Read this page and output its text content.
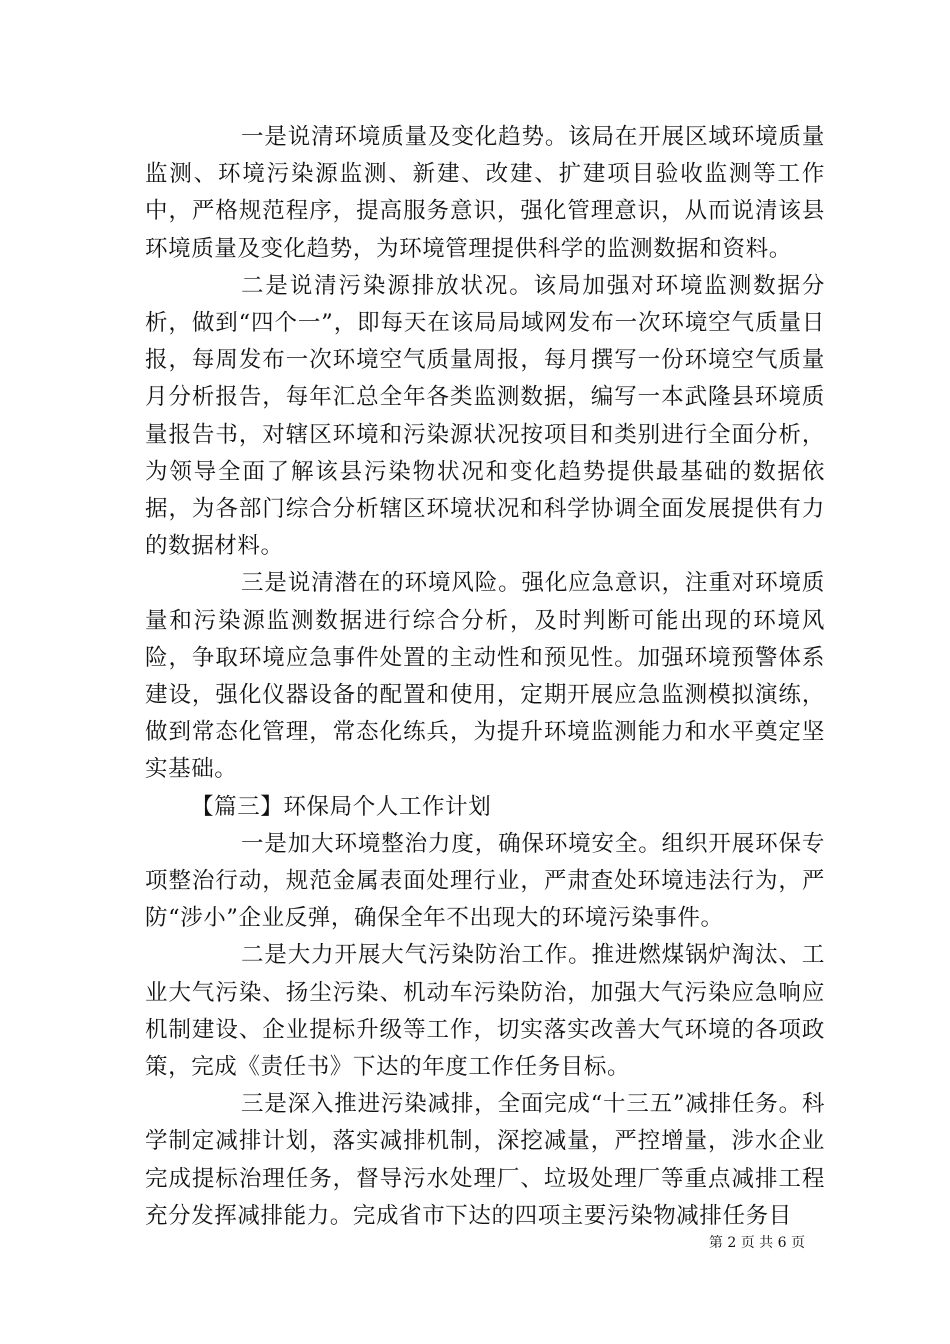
一是说清环境质量及变化趋势。该局在开展区域环境质量监测、环境污染源监测、新建、改建、扩建项目验收监测等工作中，严格规范程序，提高服务意识，强化管理意识，从而说清该县环境质量及变化趋势，为环境管理提供科学的监测数据和资料。

二是说清污染源排放状况。该局加强对环境监测数据分析，做到“四个一”，即每天在该局局域网发布一次环境空气质量日报，每周发布一次环境空气质量周报，每月撰写一份环境空气质量月分析报告，每年汇总全年各类监测数据，编写一本武隆县环境质量报告书，对辖区环境和污染源状况按项目和类别进行全面分析，为领导全面了解该县污染物状况和变化趋势提供最基础的数据依据，为各部门综合分析辖区环境状况和科学协调全面发展提供有力的数据材料。

三是说清潜在的环境风险。强化应急意识，注重对环境质量和污染源监测数据进行综合分析，及时判断可能出现的环境风险，争取环境应急事件处置的主动性和预见性。加强环境预警体系建设，强化仪器设备的配置和使用，定期开展应急监测模拟演练，做到常态化管理，常态化练兵，为提升环境监测能力和水平奠定坚实基础。

【篇三】环保局个人工作计划

一是加大环境整治力度，确保环境安全。组织开展环保专项整治行动，规范金属表面处理行业，严肃查处环境违法行为，严防“涉小”企业反弹，确保全年不出现大的环境污染事件。

二是大力开展大气污染防治工作。推进燃煤锅炉淘汰、工业大气污染、扬尘污染、机动车污染防治，加强大气污染应急响应机制建设、企业提标升级等工作，切实落实改善大气环境的各项政策，完成《责任书》下达的年度工作任务目标。

三是深入推进污染减排，全面完成“十三五”减排任务。科学制定减排计划，落实减排机制，深挖减量，严控增量，涉水企业完成提标治理任务，督导污水处理厂、垃圾处理厂等重点减排工程充分发挥减排能力。完成省市下达的四项主要污染物减排任务目

第 2 页 共 6 页
